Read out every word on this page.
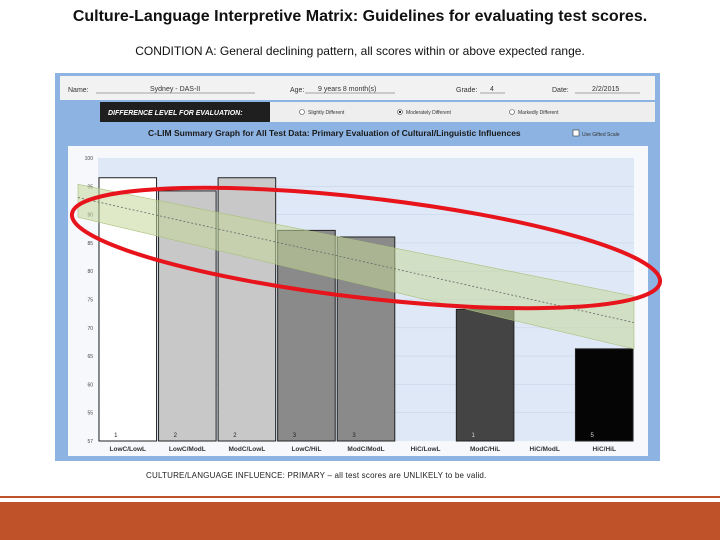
Culture-Language Interpretive Matrix: Guidelines for evaluating test scores.
CONDITION A: General declining pattern, all scores within or above expected range.
Name:	Sydney - DAS-II	Age: 9 years 8 month(s)	Grade: 4	Date:	2/2/2015
DIFFERENCE LEVEL FOR EVALUATION:	Slightly Different	Moderately Different	Markedly Different
C-LIM Summary Graph for All Test Data: Primary Evaluation of Cultural/Linguistic Influences	Use Gifted Scale
100
85
80
75
70
65
60
55
57
1	2	2	3	3	1	5
LowC/LowL	LowC/ModL	ModC/LowL	LowC/HiL	ModC/ModL	HiC/LowL	ModC/HiL	HiC/ModL	HiC/HiL
CULTURE/LANGUAGE INFLUENCE: PRIMARY – all test scores are UNLIKELY to be valid.
